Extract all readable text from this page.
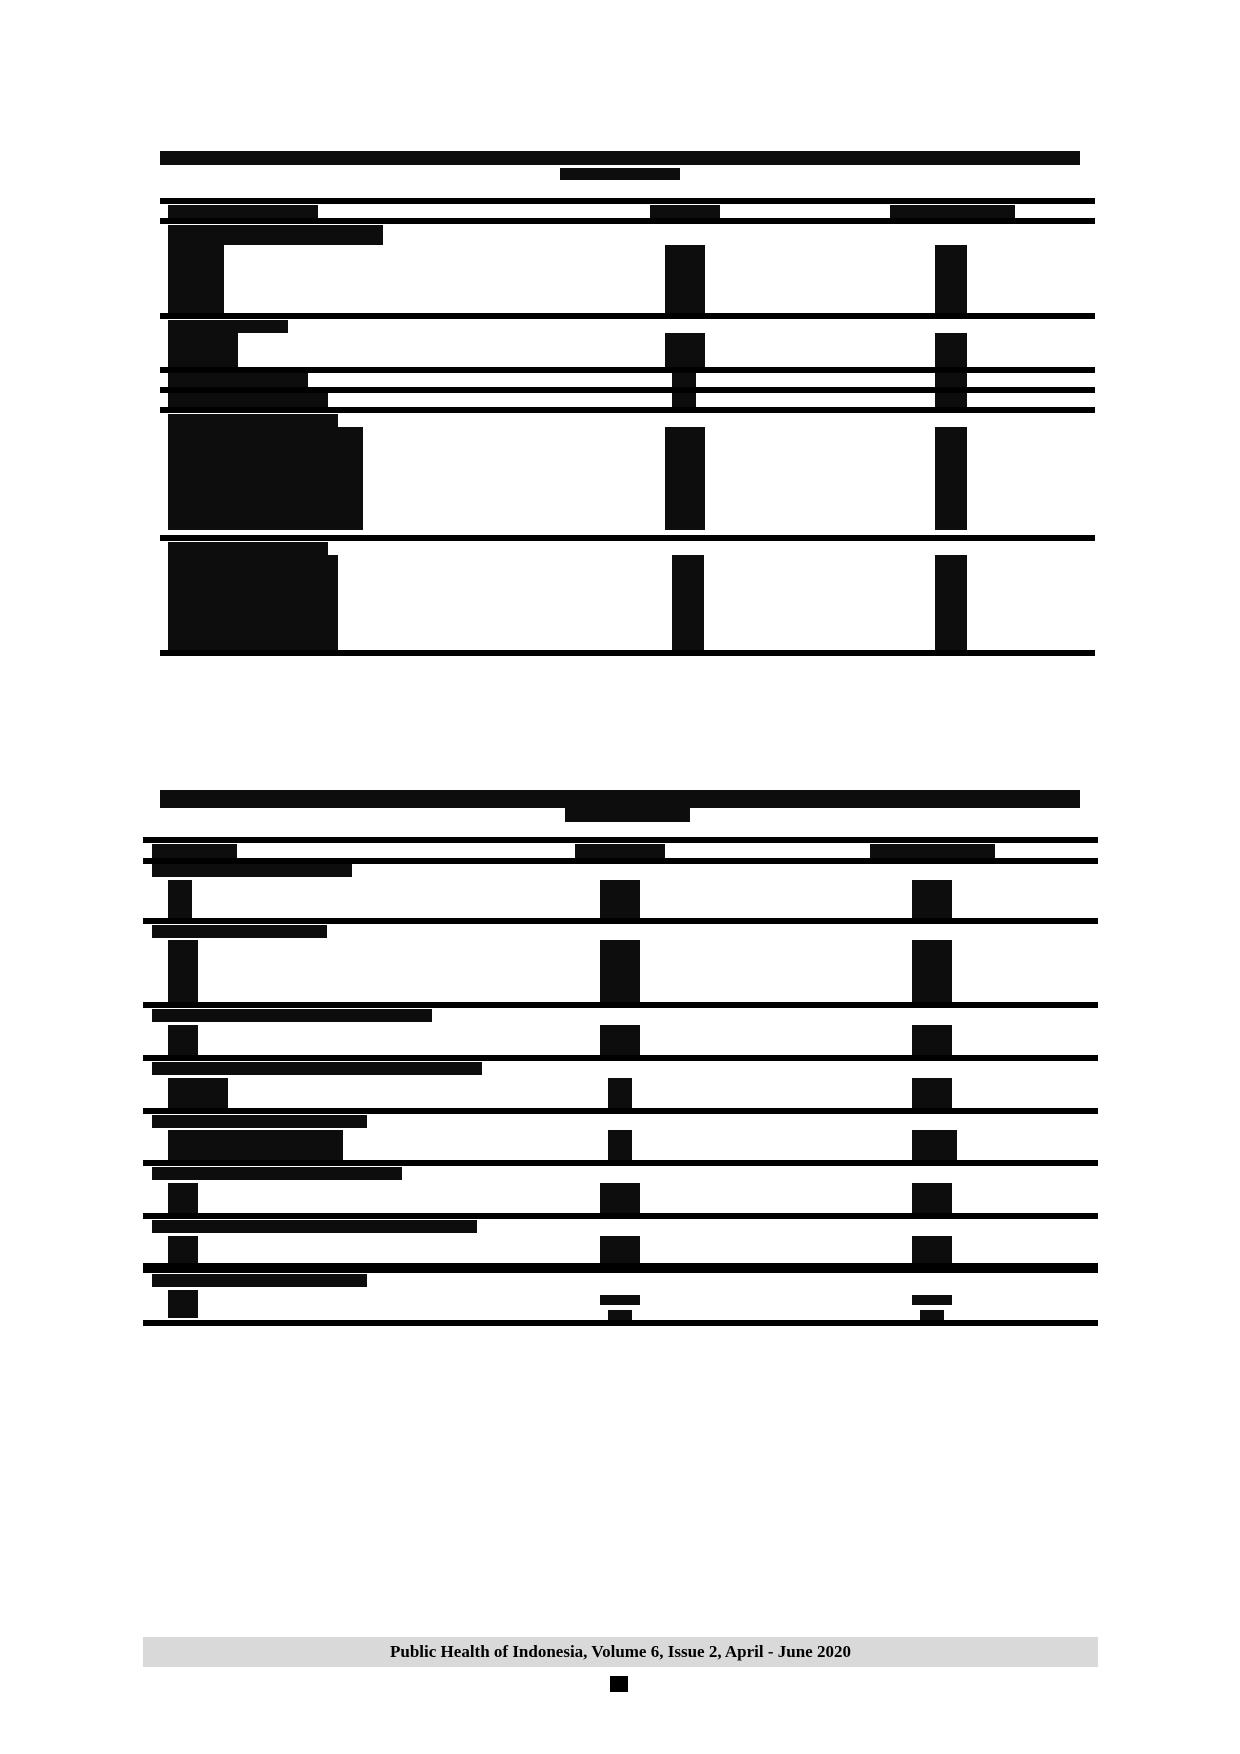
Public Health of Indonesia, Volume 6, Issue 2, April - June 2020
